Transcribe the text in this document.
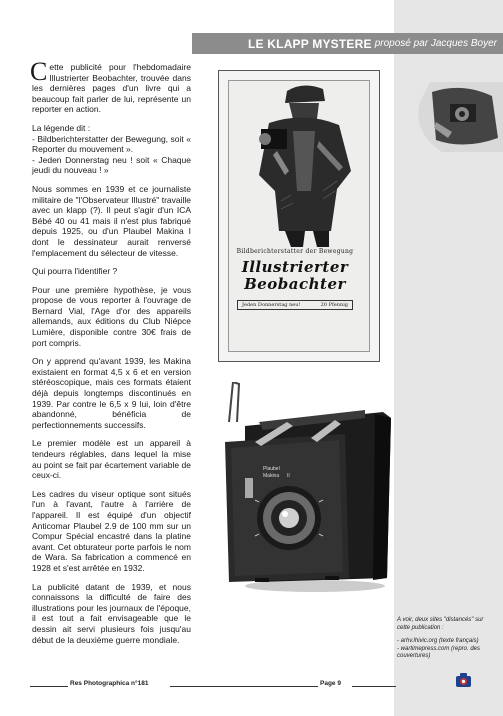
LE KLAPP MYSTERE proposé par Jacques Boyer

Cette publicité pour l'hebdomadaire Illustrierter Beobachter, trouvée dans les dernières pages d'un livre qui a beaucoup fait parler de lui, représente un reporter en action.

La légende dit :
- Bildberichterstatter der Bewegung, soit « Reporter du mouvement ».
- Jeden Donnerstag neu ! soit « Chaque jeudi du nouveau ! »

Nous sommes en 1939 et ce journaliste militaire de "l'Observateur Illustré" travaille avec un klapp (?). Il peut s'agir d'un ICA Bébé 40 ou 41 mais il n'est plus fabriqué depuis 1925, ou d'un Plaubel Makina I dont le dessinateur aurait renversé l'emplacement du sélecteur de vitesse.

Qui pourra l'identifier ?

Pour une première hypothèse, je vous propose de vous reporter à l'ouvrage de Bernard Vial, l'Age d'or des appareils allemands, aux éditions du Club Niépce Lumière, disponible contre 30€ frais de port compris.

On y apprend qu'avant 1939, les Makina existaient en format 4,5 x 6 et en version stéréoscopique, mais ces formats étaient déjà depuis longtemps discontinués en 1939. Par contre le 6,5 x 9 lui, loin d'être abandonné, bénéficia de perfectionnements successifs.

Le premier modèle est un appareil à tendeurs réglables, dans lequel la mise au point se fait par écartement variable de ceux-ci.

Les cadres du viseur optique sont situés l'un à l'avant, l'autre à l'arrière de l'appareil. Il est équipé d'un objectif Anticomar Plaubel 2.9 de 100 mm sur un Compur Spécial encastré dans la platine avant. Cet obturateur porte parfois le nom de Wara. Sa fabrication a commencé en 1928 et s'est arrêtée en 1932.

La publicité datant de 1939, et nous connaissons la difficulté de faire des illustrations pour les journaux de l'époque, il est tout a fait envisageable que le dessin ait servi plusieurs fois jusqu'au début de la deuxième guerre mondiale.

Bildberichterstatter der Bewegung
Illustrierter
Beobachter
Jeden Donnerstag neu!	20 Pfennig
Plaubel
Makina II
A voir, deux sites "distancés" sur cette publication :
- arhv.lhivic.org (texte français)
- wartimepress.com (repro. des couvertures)
Res Photographica n°181	Page 9
